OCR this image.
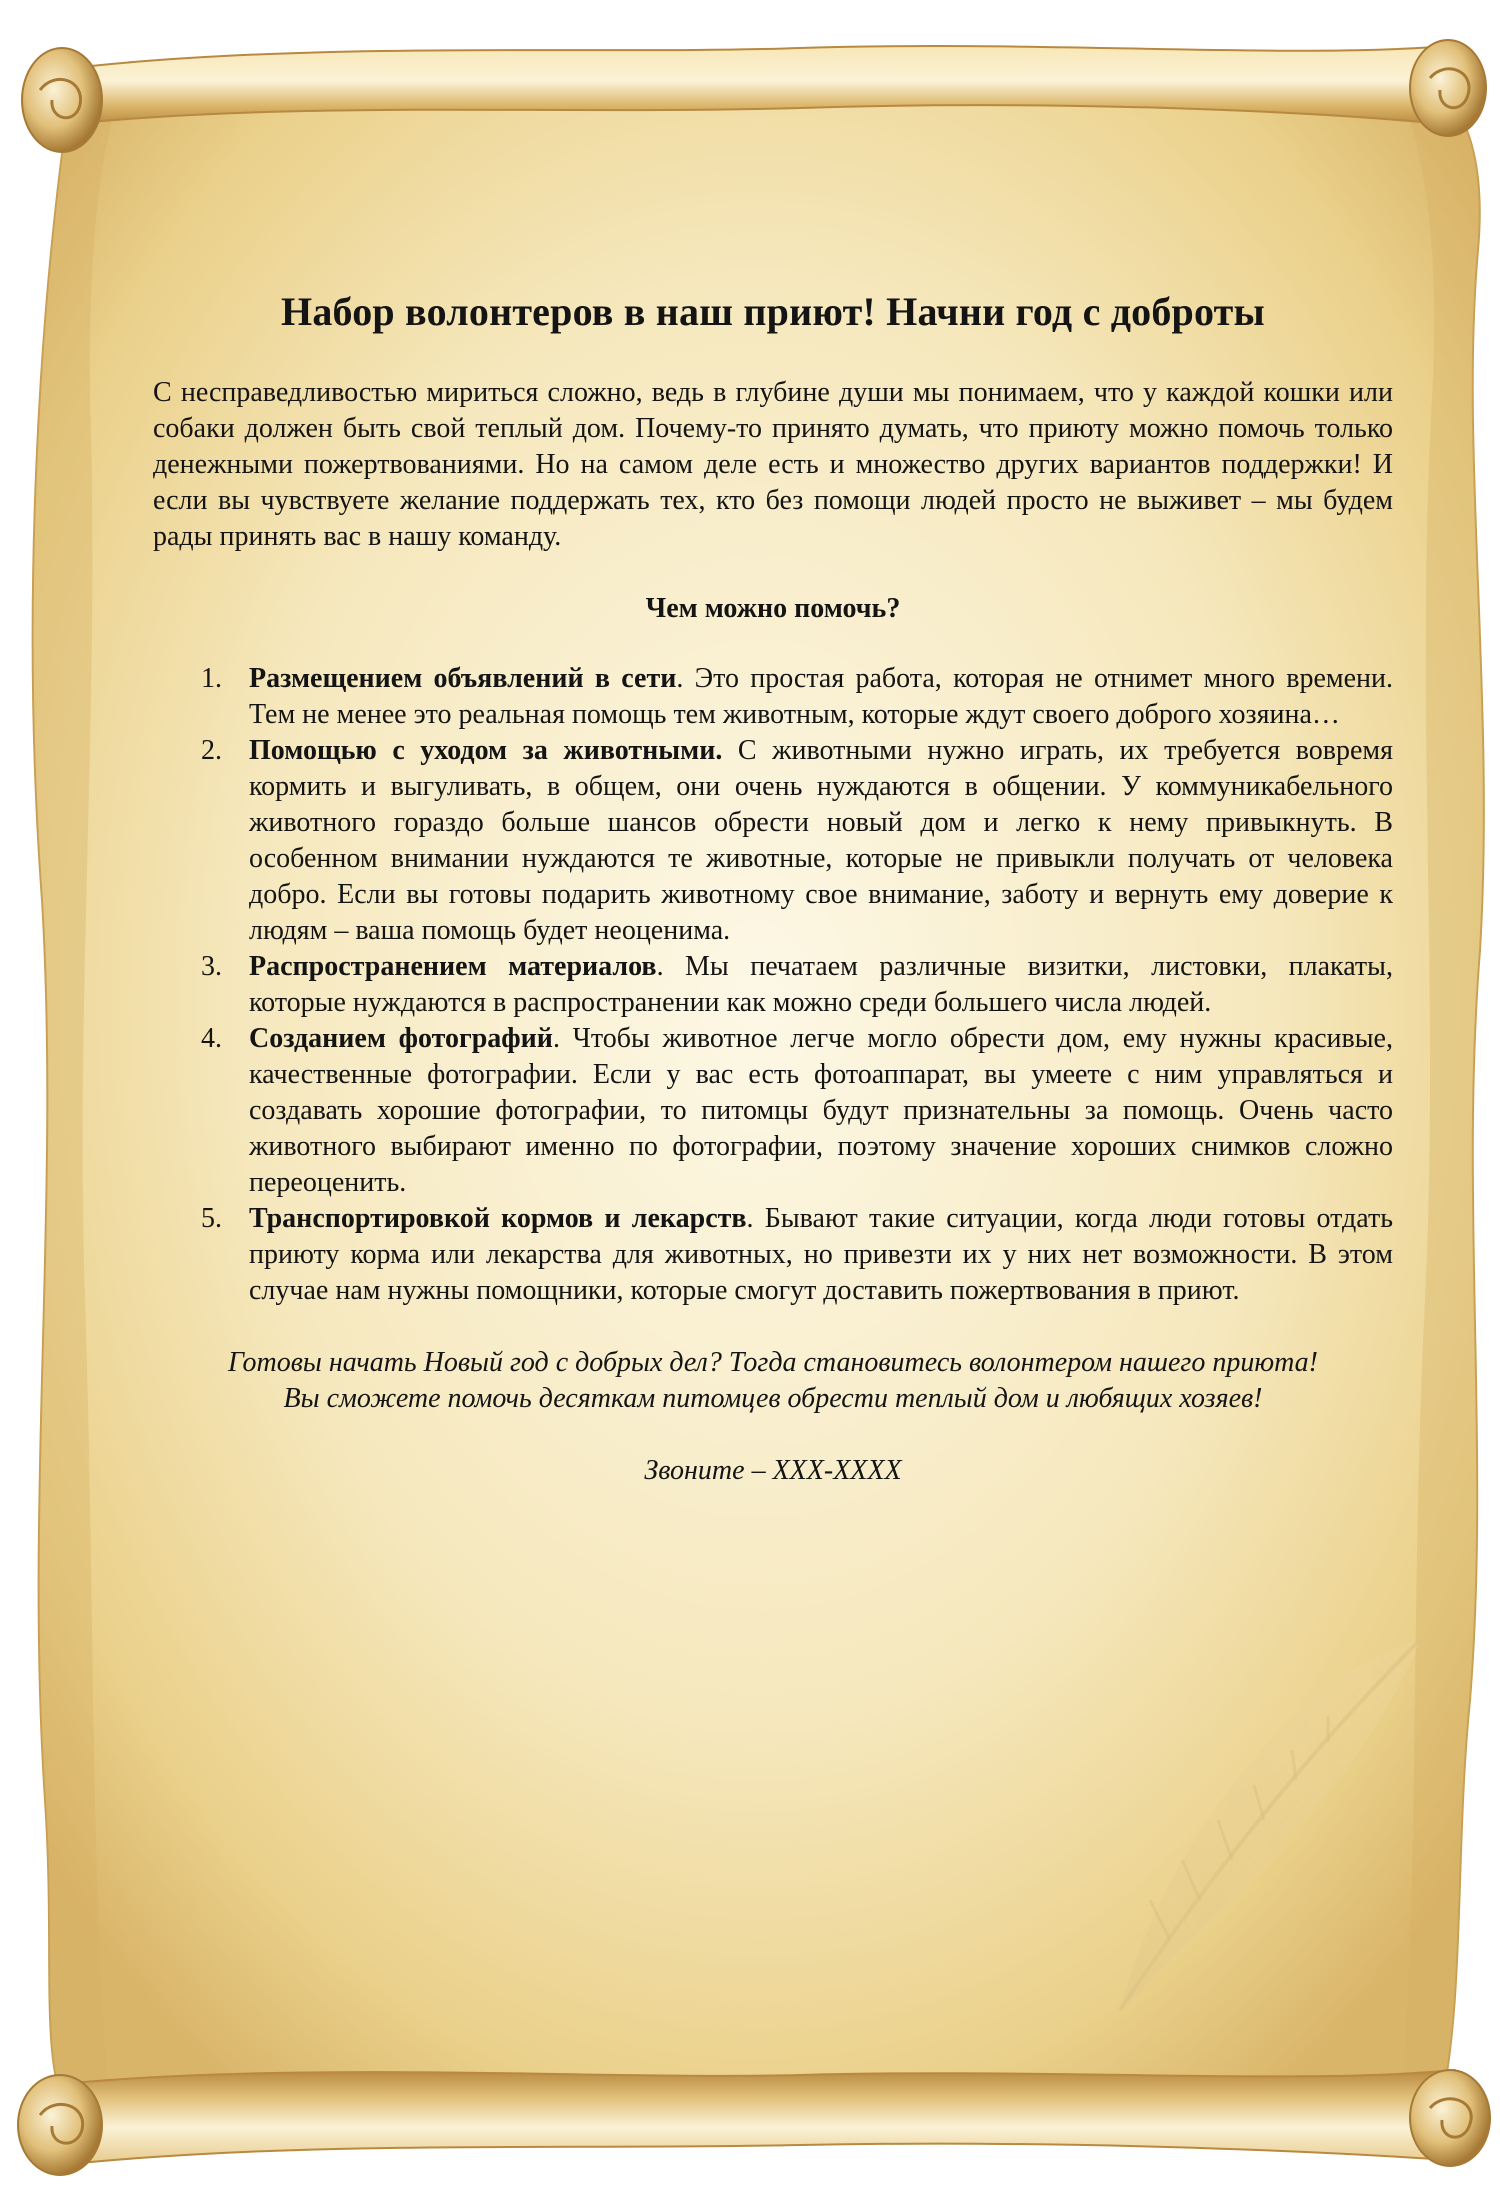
Набор волонтеров в наш приют! Начни год с доброты

С несправедливостью мириться сложно, ведь в глубине души мы понимаем, что у каждой кошки или собаки должен быть свой теплый дом. Почему-то принято думать, что приюту можно помочь только денежными пожертвованиями. Но на самом деле есть и множество других вариантов поддержки! И если вы чувствуете желание поддержать тех, кто без помощи людей просто не выживет – мы будем рады принять вас в нашу команду.

Чем можно помочь?
1. Размещением объявлений в сети. Это простая работа, которая не отнимет много времени. Тем не менее это реальная помощь тем животным, которые ждут своего доброго хозяина…
2. Помощью с уходом за животными. С животными нужно играть, их требуется вовремя кормить и выгуливать, в общем, они очень нуждаются в общении. У коммуникабельного животного гораздо больше шансов обрести новый дом и легко к нему привыкнуть. В особенном внимании нуждаются те животные, которые не привыкли получать от человека добро. Если вы готовы подарить животному свое внимание, заботу и вернуть ему доверие к людям – ваша помощь будет неоценима.
3. Распространением материалов. Мы печатаем различные визитки, листовки, плакаты, которые нуждаются в распространении как можно среди большего числа людей.
4. Созданием фотографий. Чтобы животное легче могло обрести дом, ему нужны красивые, качественные фотографии. Если у вас есть фотоаппарат, вы умеете с ним управляться и создавать хорошие фотографии, то питомцы будут признательны за помощь. Очень часто животного выбирают именно по фотографии, поэтому значение хороших снимков сложно переоценить.
5. Транспортировкой кормов и лекарств. Бывают такие ситуации, когда люди готовы отдать приюту корма или лекарства для животных, но привезти их у них нет возможности. В этом случае нам нужны помощники, которые смогут доставить пожертвования в приют.

Готовы начать Новый год с добрых дел? Тогда становитесь волонтером нашего приюта! Вы сможете помочь десяткам питомцев обрести теплый дом и любящих хозяев!

Звоните – XXX-XXXX
